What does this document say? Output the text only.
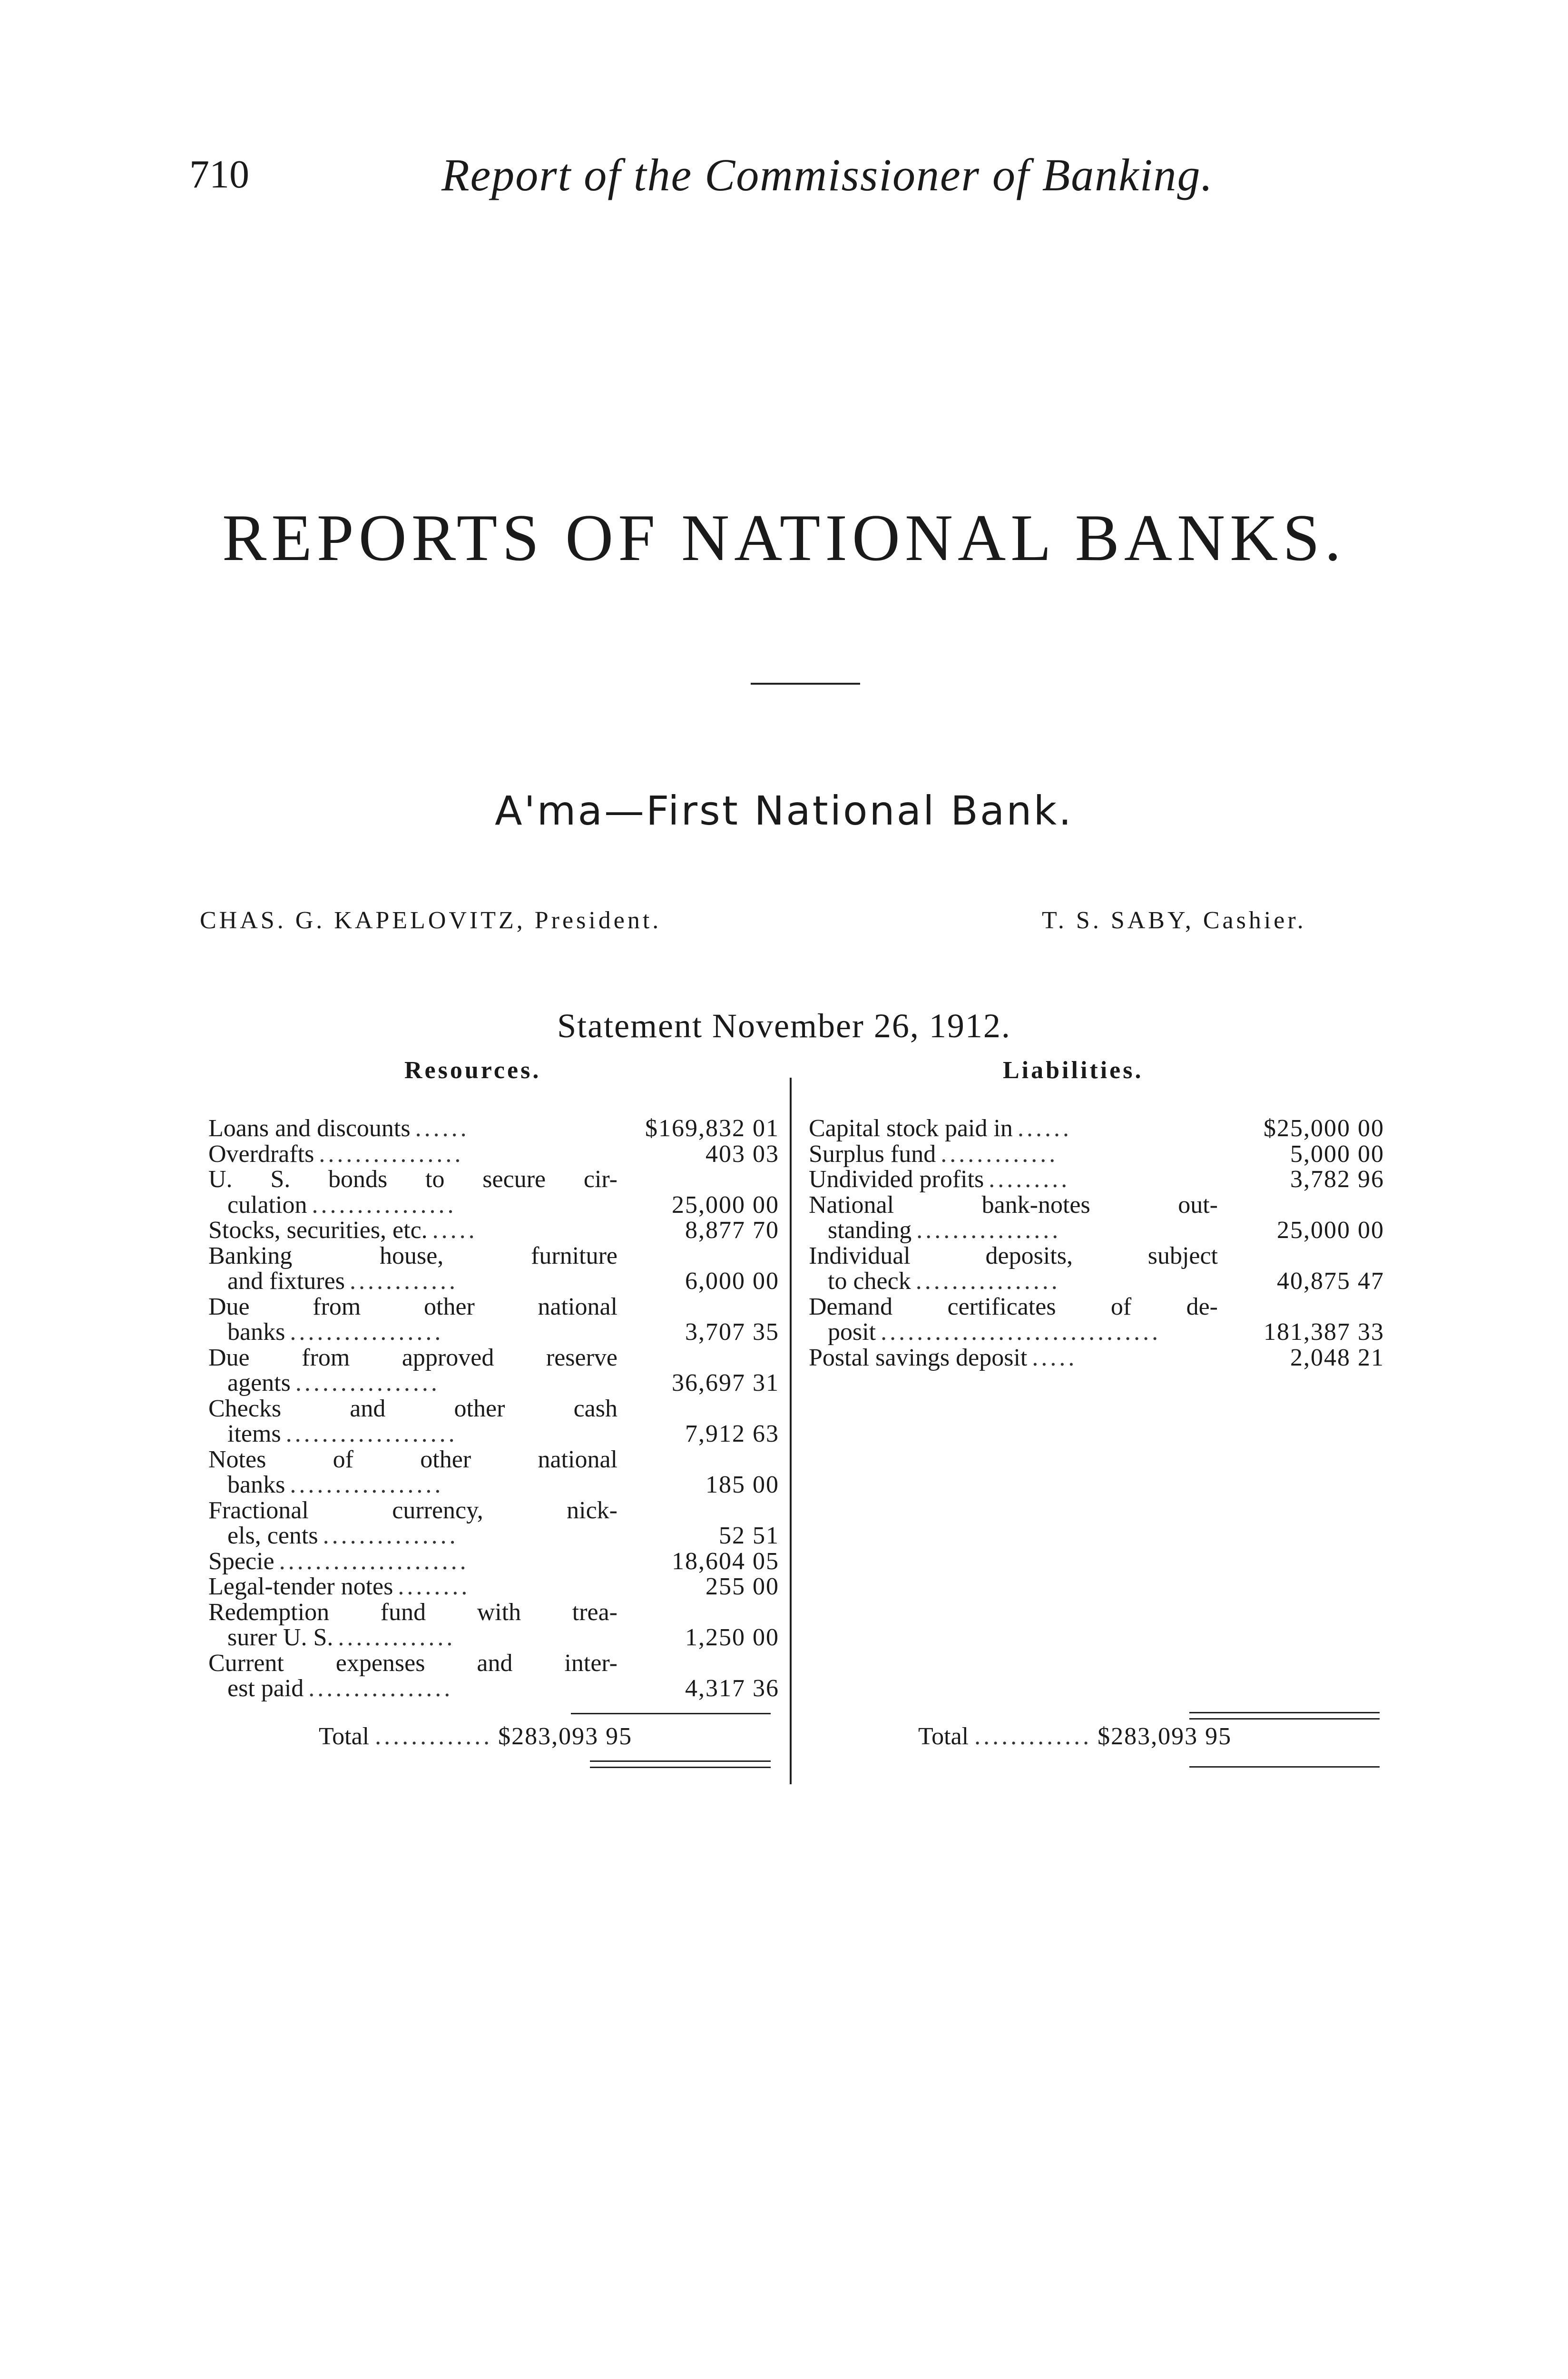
710	Report of the Commissioner of Banking.
REPORTS OF NATIONAL BANKS.
A'ma—First National Bank.
CHAS. G. KAPELOVITZ, President.	T. S. SABY, Cashier.
Statement November 26, 1912.
Resources.	Liabilities.
Loans and discounts ......	$169,832 01
Overdrafts ................	403 03
U. S. bonds to secure cir-
culation ................	25,000 00
Stocks, securities, etc. .....	8,877 70
Banking house, furniture
and fixtures ............	6,000 00
Due from other national
banks .................	3,707 35
Due from approved reserve
agents ................	36,697 31
Checks and other cash
items ...................	7,912 63
Notes of other national
banks .................	185 00
Fractional currency, nick-
els, cents ...............	52 51
Specie .....................	18,604 05
Legal-tender notes ........	255 00
Redemption fund with trea-
surer U. S. .............	1,250 00
Current expenses and inter-
est paid ................	4,317 36
Capital stock paid in ......	$25,000 00
Surplus fund .............	5,000 00
Undivided profits .........	3,782 96
National bank-notes out-
standing ................	25,000 00
Individual deposits, subject
to check ................	40,875 47
Demand certificates of de-
posit ...............................	181,387 33
Postal savings deposit .....	2,048 21
Total ............. $283,093 95	Total ............. $283,093 95
